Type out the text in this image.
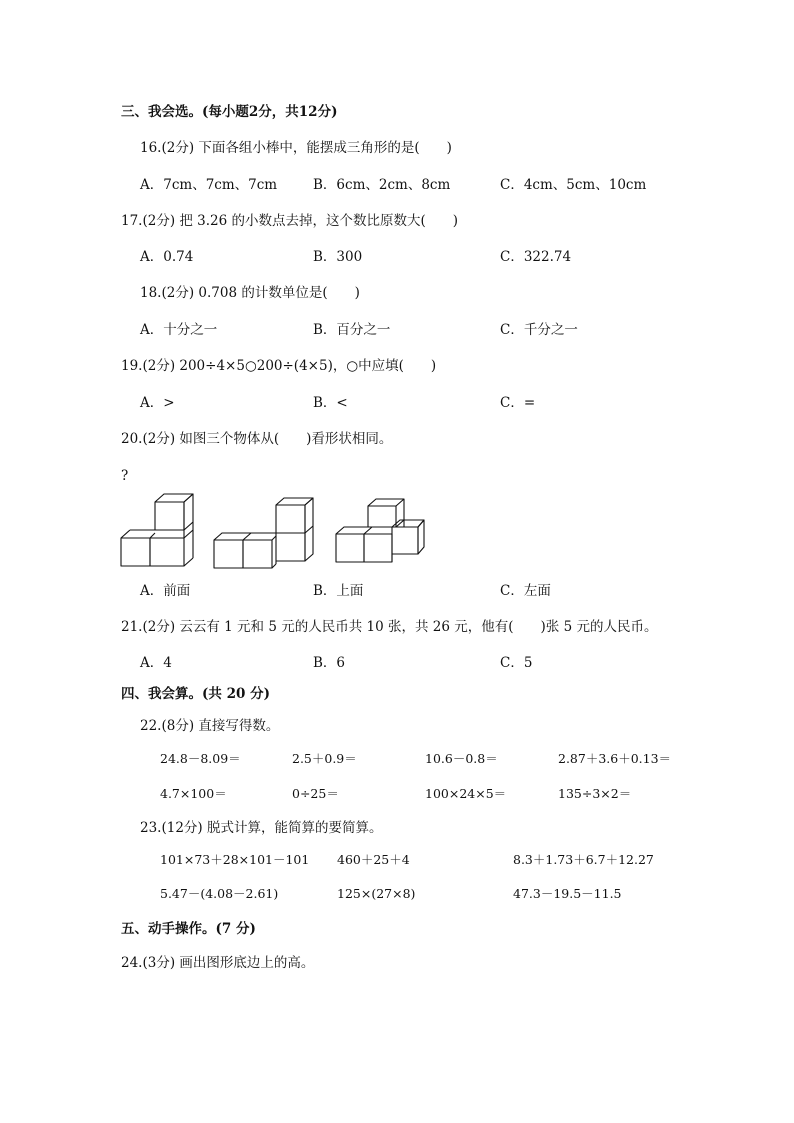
三、我会选。(每小题2分，共12分)
16.(2分) 下面各组小棒中，能摆成三角形的是(　　)
A．7cm、7cm、7cm	B．6cm、2cm、8cm	C．4cm、5cm、10cm
17.(2分) 把 3.26 的小数点去掉，这个数比原数大(　　)
A．0.74	B．300	C．322.74
18.(2分) 0.708 的计数单位是(　　)
A．十分之一	B．百分之一	C．千分之一
19.(2分) 200÷4×5○200÷(4×5)，○中应填(　　)
A．>	B．<	C．=
20.(2分) 如图三个物体从(　　)看形状相同。
?
A．前面	B．上面	C．左面
21.(2分) 云云有 1 元和 5 元的人民币共 10 张，共 26 元，他有(　　)张 5 元的人民币。
A．4	B．6	C．5
四、我会算。(共 20 分)
22.(8分) 直接写得数。
24.8－8.09＝	2.5＋0.9＝	10.6－0.8＝	2.87＋3.6＋0.13＝
4.7×100＝	0÷25＝	100×24×5＝	135÷3×2＝
23.(12分) 脱式计算，能简算的要简算。
101×73＋28×101－101 460＋25＋4	8.3＋1.73＋6.7＋12.27
5.47－(4.08－2.61)	125×(27×8)	47.3－19.5－11.5
五、动手操作。(7 分)
24.(3分) 画出图形底边上的高。
